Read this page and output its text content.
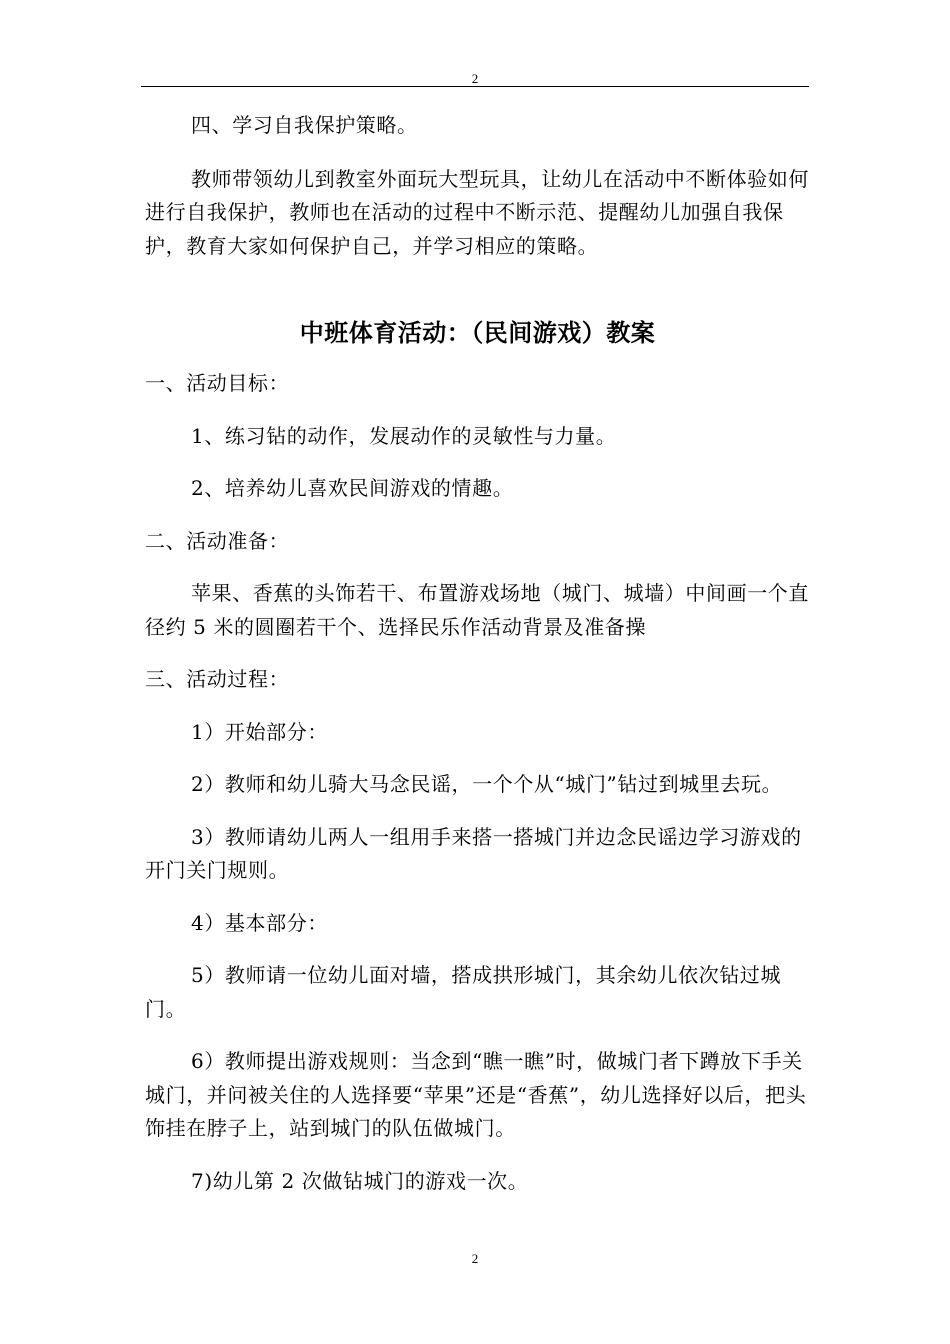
2

四、学习自我保护策略。

教师带领幼儿到教室外面玩大型玩具，让幼儿在活动中不断体验如何进行自我保护，教师也在活动的过程中不断示范、提醒幼儿加强自我保护，教育大家如何保护自己，并学习相应的策略。

中班体育活动：（民间游戏）教案

一、活动目标：

1、练习钻的动作，发展动作的灵敏性与力量。

2、培养幼儿喜欢民间游戏的情趣。

二、活动准备：

苹果、香蕉的头饰若干、布置游戏场地（城门、城墙）中间画一个直径约 5 米的圆圈若干个、选择民乐作活动背景及准备操

三、活动过程：

1）开始部分：

2）教师和幼儿骑大马念民谣，一个个从“城门”钻过到城里去玩。

3）教师请幼儿两人一组用手来搭一搭城门并边念民谣边学习游戏的开门关门规则。

4）基本部分：

5）教师请一位幼儿面对墙，搭成拱形城门，其余幼儿依次钻过城门。

6）教师提出游戏规则：当念到“瞧一瞧”时，做城门者下蹲放下手关城门，并问被关住的人选择要“苹果”还是“香蕉”，幼儿选择好以后，把头饰挂在脖子上，站到城门的队伍做城门。

7)幼儿第 2 次做钻城门的游戏一次。

2
